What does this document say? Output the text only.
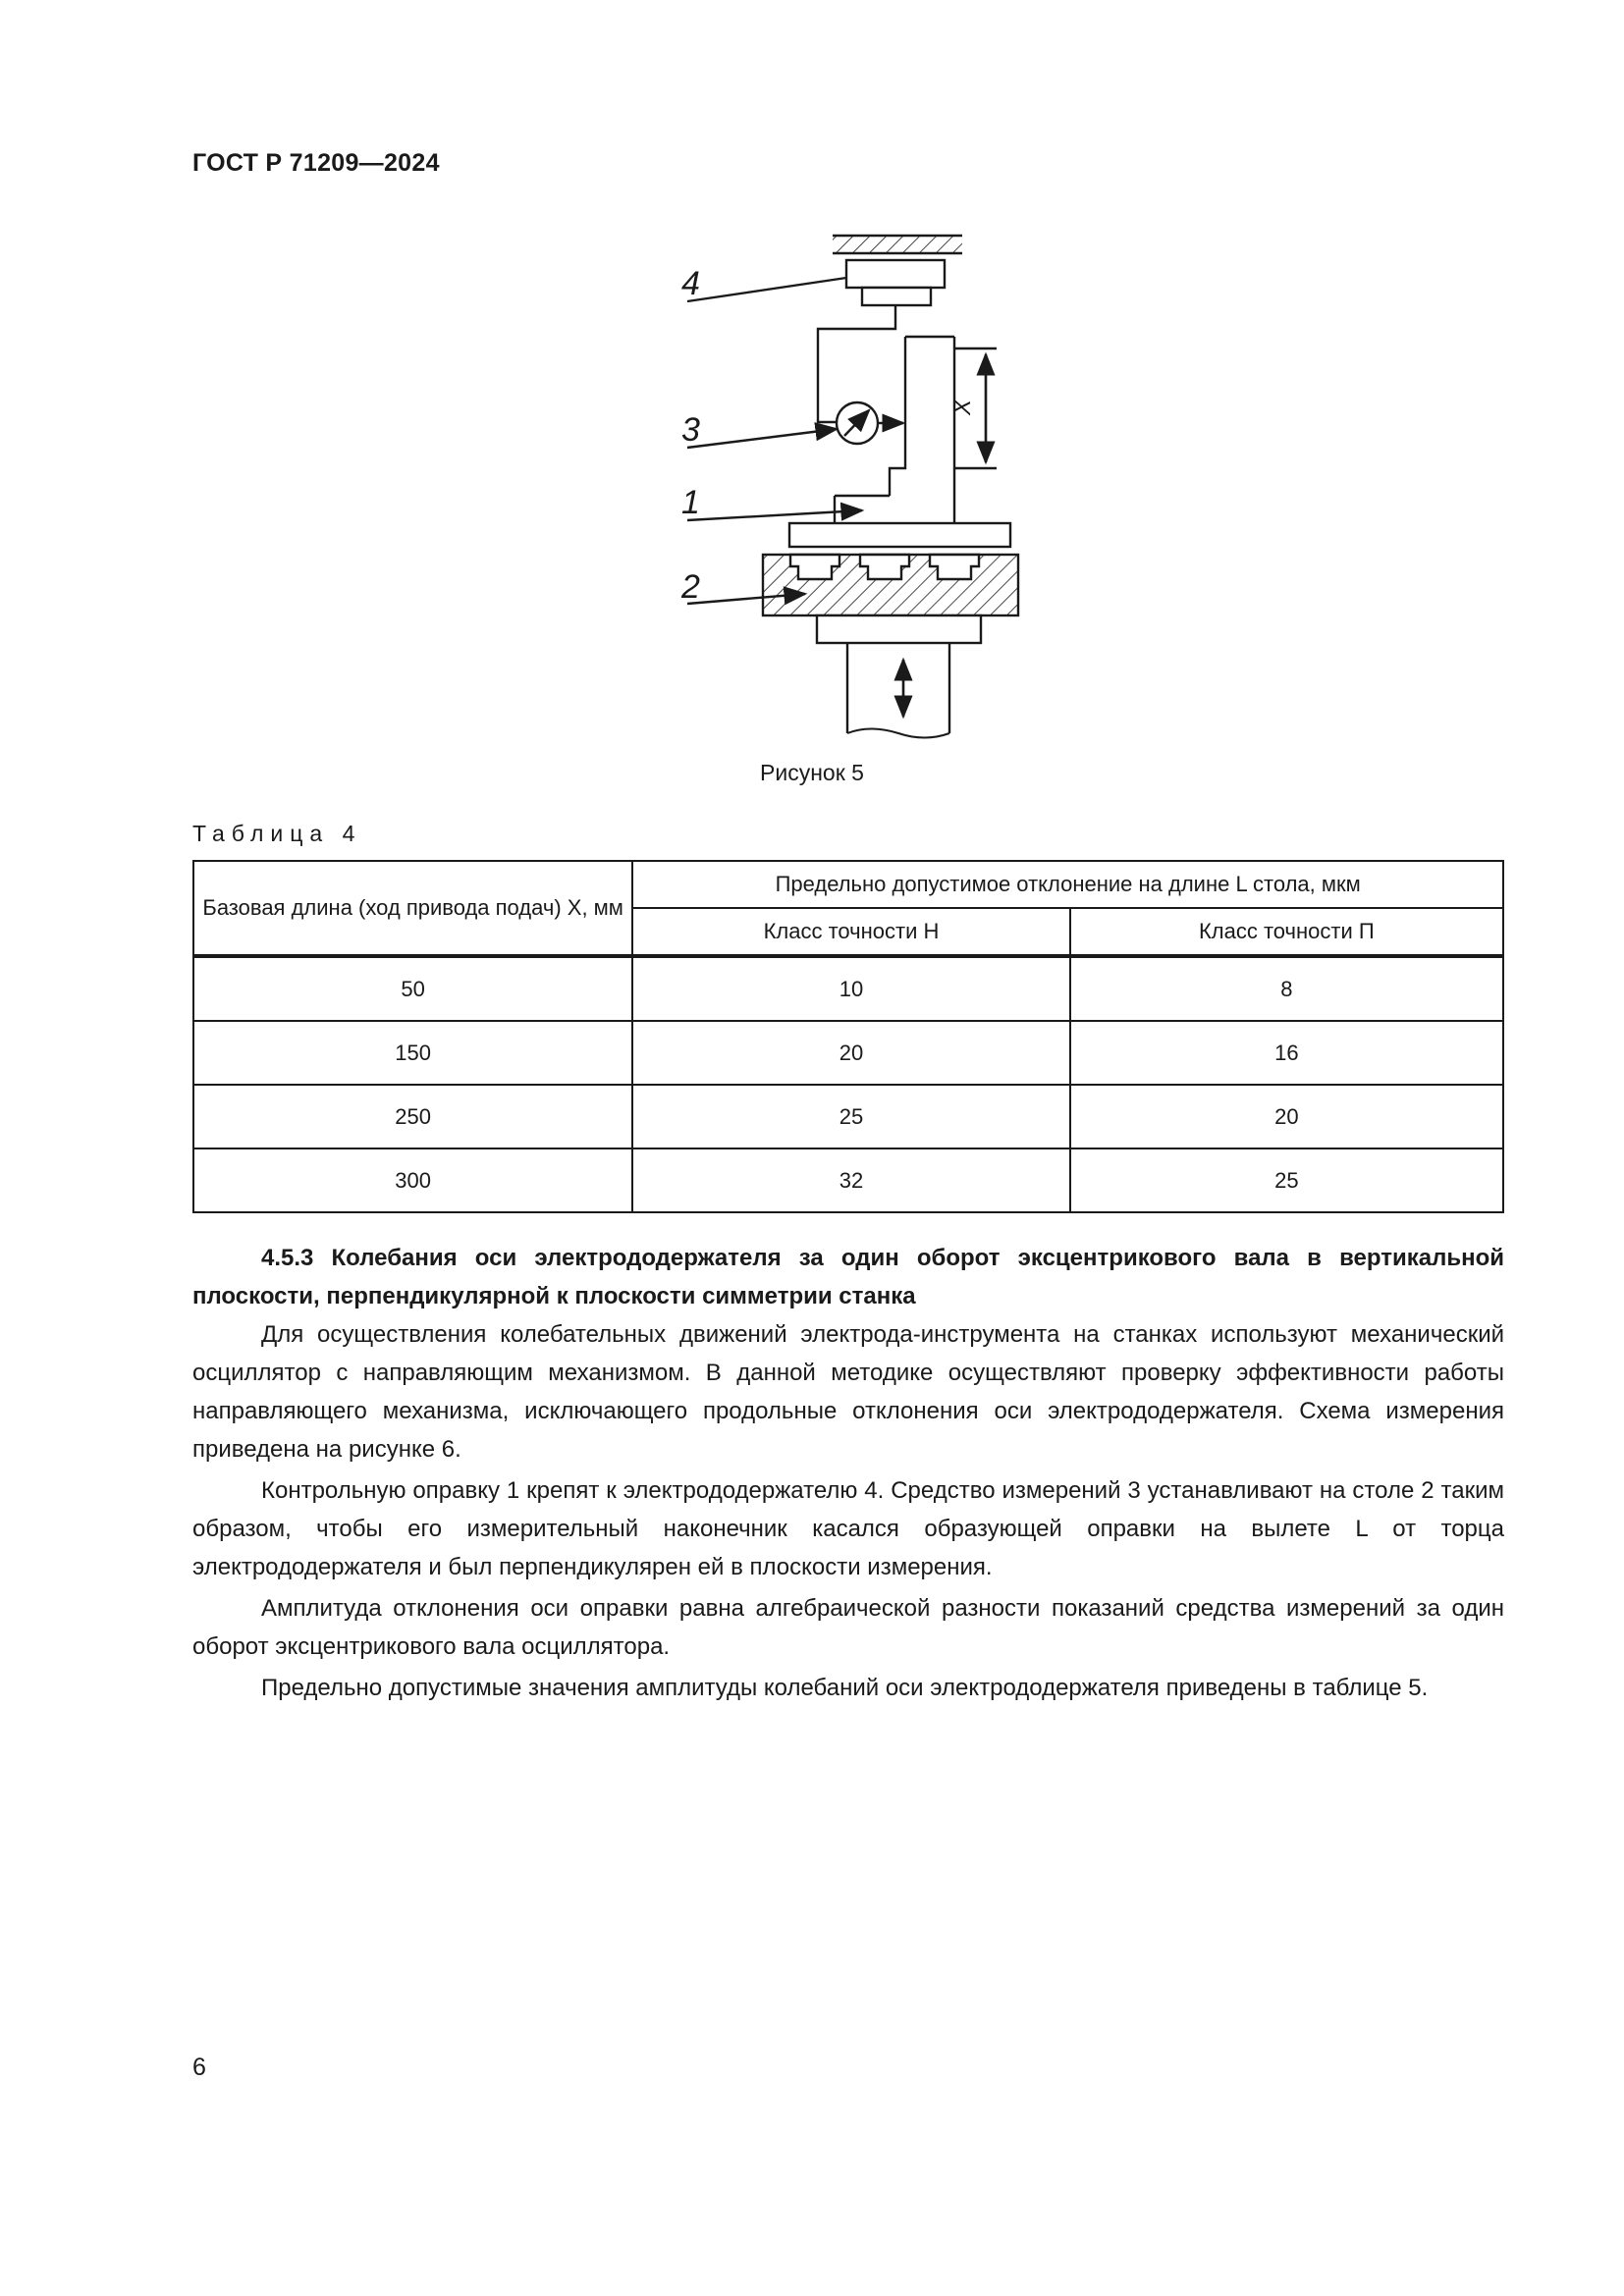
ГОСТ Р 71209—2024
4
3
1
2
X
Рисунок 5
Таблица 4
Базовая длина (ход привода подач) X, мм	Предельно допустимое отклонение на длине L стола, мкм	
	Класс точности Н	Класс точности П
50	10	8
150	20	16
250	25	20
300	32	25

4.5.3 Колебания оси электрододержателя за один оборот эксцентрикового вала в вертикальной плоскости, перпендикулярной к плоскости симметрии станка

Для осуществления колебательных движений электрода-инструмента на станках используют механический осциллятор с направляющим механизмом. В данной методике осуществляют проверку эффективности работы направляющего механизма, исключающего продольные отклонения оси электрододержателя. Схема измерения приведена на рисунке 6.

Контрольную оправку 1 крепят к электрододержателю 4. Средство измерений 3 устанавливают на столе 2 таким образом, чтобы его измерительный наконечник касался образующей оправки на вылете L от торца электрододержателя и был перпендикулярен ей в плоскости измерения.

Амплитуда отклонения оси оправки равна алгебраической разности показаний средства измерений за один оборот эксцентрикового вала осциллятора.

Предельно допустимые значения амплитуды колебаний оси электрододержателя приведены в таблице 5.

6
